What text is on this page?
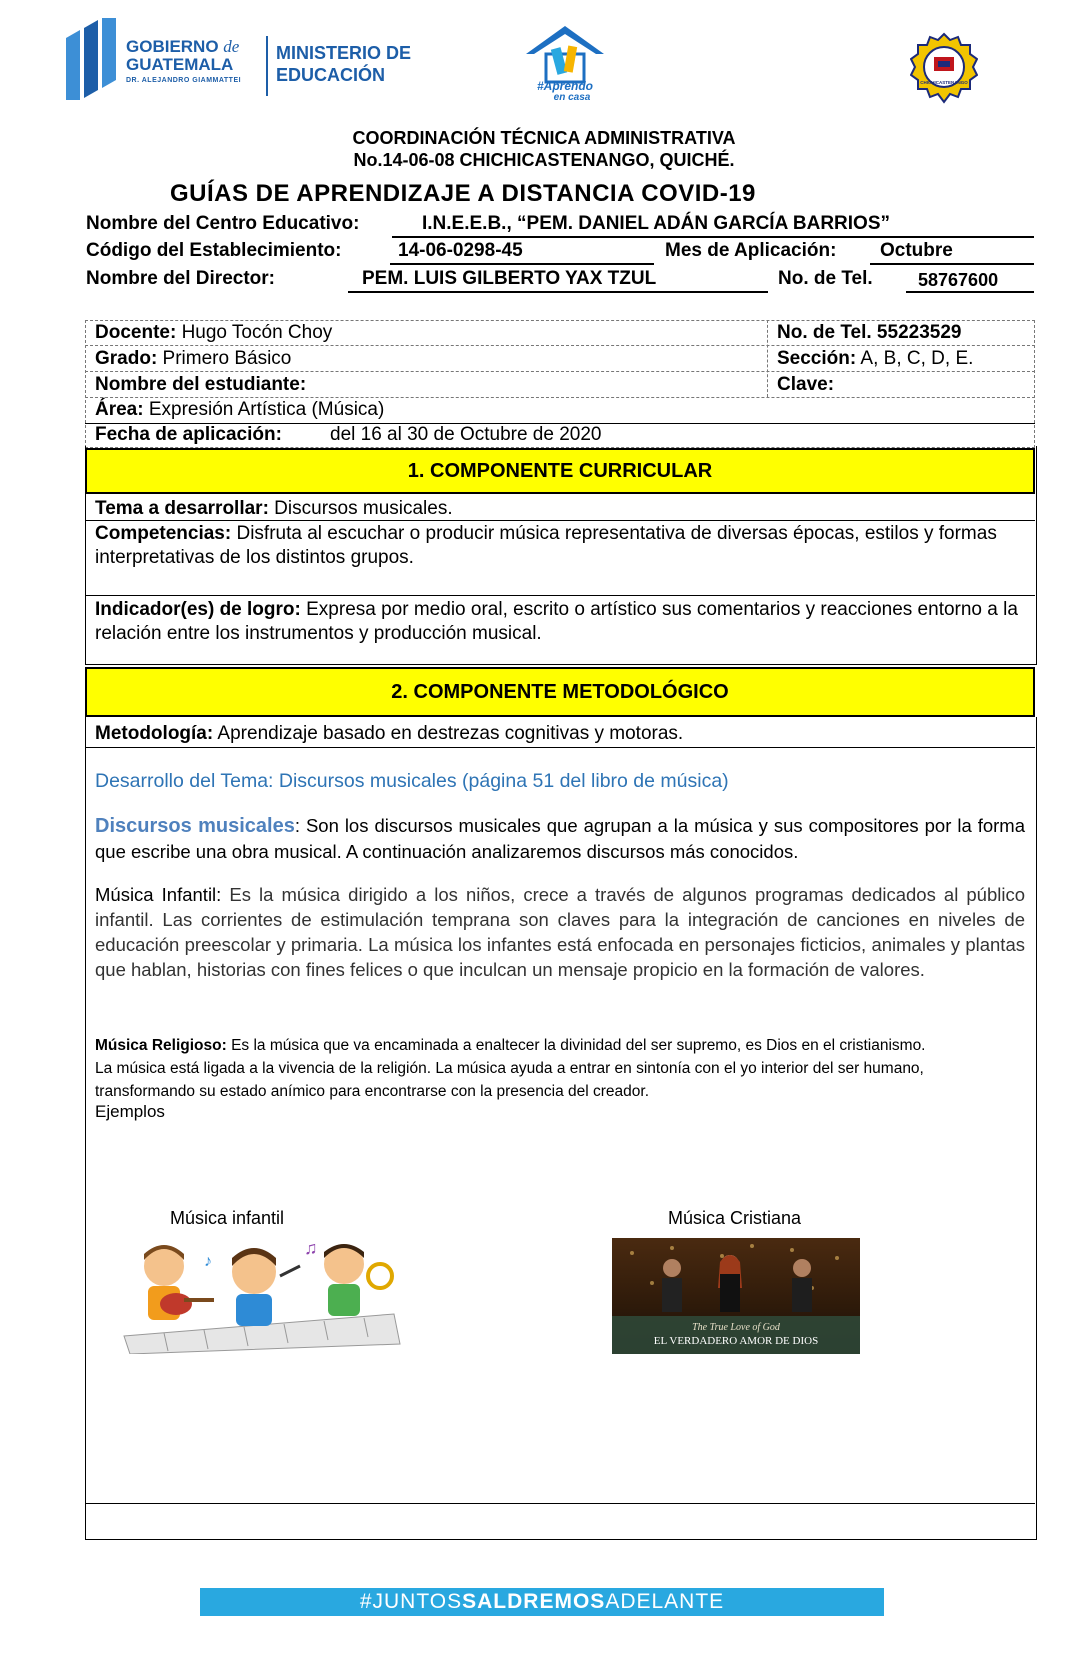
GOBIERNO de
GUATEMALA
DR. ALEJANDRO GIAMMATTEI
MINISTERIO DE
EDUCACIÓN
#Aprendo
en casa
CHICHICASTENANGO
COORDINACIÓN TÉCNICA ADMINISTRATIVA
No.14-06-08 CHICHICASTENANGO, QUICHÉ.
GUÍAS DE APRENDIZAJE A DISTANCIA COVID-19
Nombre del Centro Educativo:	I.N.E.E.B., “PEM. DANIEL ADÁN GARCÍA BARRIOS”
Código del Establecimiento:	14-06-0298-45	Mes de Aplicación: Octubre
Nombre del Director:	PEM. LUIS GILBERTO YAX TZUL	No. de Tel.	58767600
Docente: Hugo Tocón Choy	No. de Tel. 55223529
Grado: Primero Básico	Sección: A, B, C, D, E.
Nombre del estudiante:	Clave:
Área: Expresión Artística (Música)
Fecha de aplicación:	del 16 al 30 de Octubre de 2020
1. COMPONENTE CURRICULAR
Tema a desarrollar: Discursos musicales.
Competencias: Disfruta al escuchar o producir música representativa de diversas épocas, estilos y formas interpretativas de los distintos grupos.
Indicador(es) de logro: Expresa por medio oral, escrito o artístico sus comentarios y reacciones entorno a la relación entre los instrumentos y producción musical.
2. COMPONENTE METODOLÓGICO
Metodología: Aprendizaje basado en destrezas cognitivas y motoras.
Desarrollo del Tema: Discursos musicales (página 51 del libro de música)
Discursos musicales: Son los discursos musicales que agrupan a la música y sus compositores por la forma que escribe una obra musical. A continuación analizaremos discursos más conocidos.
Música Infantil: Es la música dirigido a los niños, crece a través de algunos programas dedicados al público infantil. Las corrientes de estimulación temprana son claves para la integración de canciones en niveles de educación preescolar y primaria. La música los infantes está enfocada en personajes ficticios, animales y plantas que hablan, historias con fines felices o que inculcan un mensaje propicio en la formación de valores.
Música Religioso: Es la música que va encaminada a enaltecer la divinidad del ser supremo, es Dios en el cristianismo. La música está ligada a la vivencia de la religión. La música ayuda a entrar en sintonía con el yo interior del ser humano, transformando su estado anímico para encontrarse con la presencia del creador.
Ejemplos
Música infantil	Música Cristiana
♪
♫
The True Love of God
EL VERDADERO AMOR DE DIOS
#JUNTOSSALDREMOSADELANTE
